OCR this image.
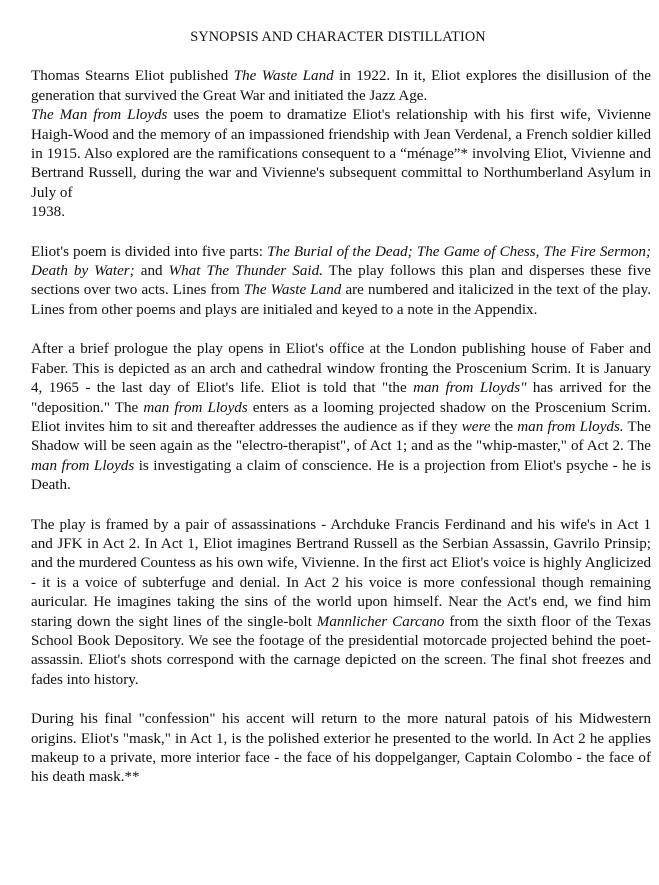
SYNOPSIS AND CHARACTER DISTILLATION

Thomas Stearns Eliot published The Waste Land in 1922. In it, Eliot explores the disillusion of the generation that survived the Great War and initiated the Jazz Age.

The Man from Lloyds uses the poem to dramatize Eliot's relationship with his first wife, Vivienne Haigh-Wood and the memory of an impassioned friendship with Jean Verdenal, a French soldier killed in 1915. Also explored are the ramifications consequent to a “ménage”* involving Eliot, Vivienne and Bertrand Russell, during the war and Vivienne's subsequent committal to Northumberland Asylum in July of

1938.

Eliot's poem is divided into five parts: The Burial of the Dead; The Game of Chess, The Fire Sermon; Death by Water; and What The Thunder Said. The play follows this plan and disperses these five sections over two acts. Lines from The Waste Land are numbered and italicized in the text of the play. Lines from other poems and plays are initialed and keyed to a note in the Appendix.

After a brief prologue the play opens in Eliot's office at the London publishing house of Faber and Faber. This is depicted as an arch and cathedral window fronting the Proscenium Scrim. It is January 4, 1965 - the last day of Eliot's life. Eliot is told that "the man from Lloyds" has arrived for the "deposition." The man from Lloyds enters as a looming projected shadow on the Proscenium Scrim. Eliot invites him to sit and thereafter addresses the audience as if they were the man from Lloyds. The Shadow will be seen again as the "electro-therapist", of Act 1; and as the "whip-master," of Act 2. The man from Lloyds is investigating a claim of conscience. He is a projection from Eliot's psyche - he is Death.

The play is framed by a pair of assassinations - Archduke Francis Ferdinand and his wife's in Act 1 and JFK in Act 2. In Act 1, Eliot imagines Bertrand Russell as the Serbian Assassin, Gavrilo Prinsip; and the murdered Countess as his own wife, Vivienne. In the first act Eliot's voice is highly Anglicized - it is a voice of subterfuge and denial. In Act 2 his voice is more confessional though remaining auricular. He imagines taking the sins of the world upon himself. Near the Act's end, we find him staring down the sight lines of the single-bolt Mannlicher Carcano from the sixth floor of the Texas School Book Depository. We see the footage of the presidential motorcade projected behind the poet-assassin. Eliot's shots correspond with the carnage depicted on the screen. The final shot freezes and fades into history.

During his final "confession" his accent will return to the more natural patois of his Midwestern origins. Eliot's "mask," in Act 1, is the polished exterior he presented to the world. In Act 2 he applies makeup to a private, more interior face - the face of his doppelganger, Captain Colombo - the face of his death mask.**
